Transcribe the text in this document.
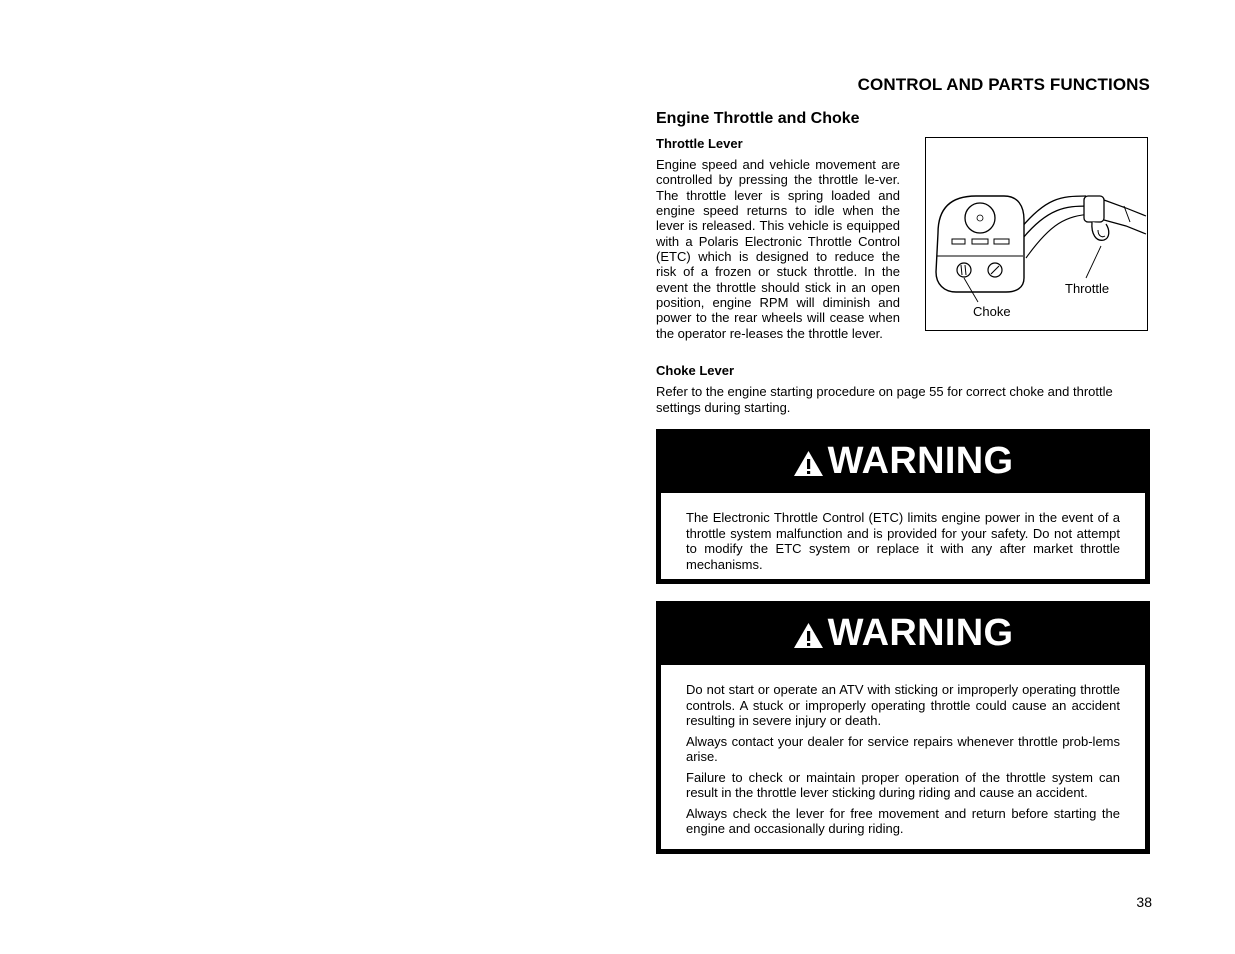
CONTROL AND PARTS FUNCTIONS
Engine Throttle and Choke
Throttle Lever
Engine speed and vehicle movement are controlled by pressing the throttle le-ver. The throttle lever is spring loaded and engine speed returns to idle when the lever is released. This vehicle is equipped with a Polaris Electronic Throttle Control (ETC) which is designed to reduce the risk of a frozen or stuck throttle. In the event the throttle should stick in an open position, engine RPM will diminish and power to the rear wheels will cease when the operator re-leases the throttle lever.
Throttle
Choke
Choke Lever
Refer to the engine starting procedure on page 55 for correct choke and throttle settings during starting.
WARNING

The Electronic Throttle Control (ETC) limits engine power in the event of a throttle system malfunction and is provided for your safety. Do not attempt to modify the ETC system or replace it with any after market throttle mechanisms.

WARNING

Do not start or operate an ATV with sticking or improperly operating throttle controls. A stuck or improperly operating throttle could cause an accident resulting in severe injury or death.

Always contact your dealer for service repairs whenever throttle prob-lems arise.

Failure to check or maintain proper operation of the throttle system can result in the throttle lever sticking during riding and cause an accident.

Always check the lever for free movement and return before starting the engine and occasionally during riding.

38
